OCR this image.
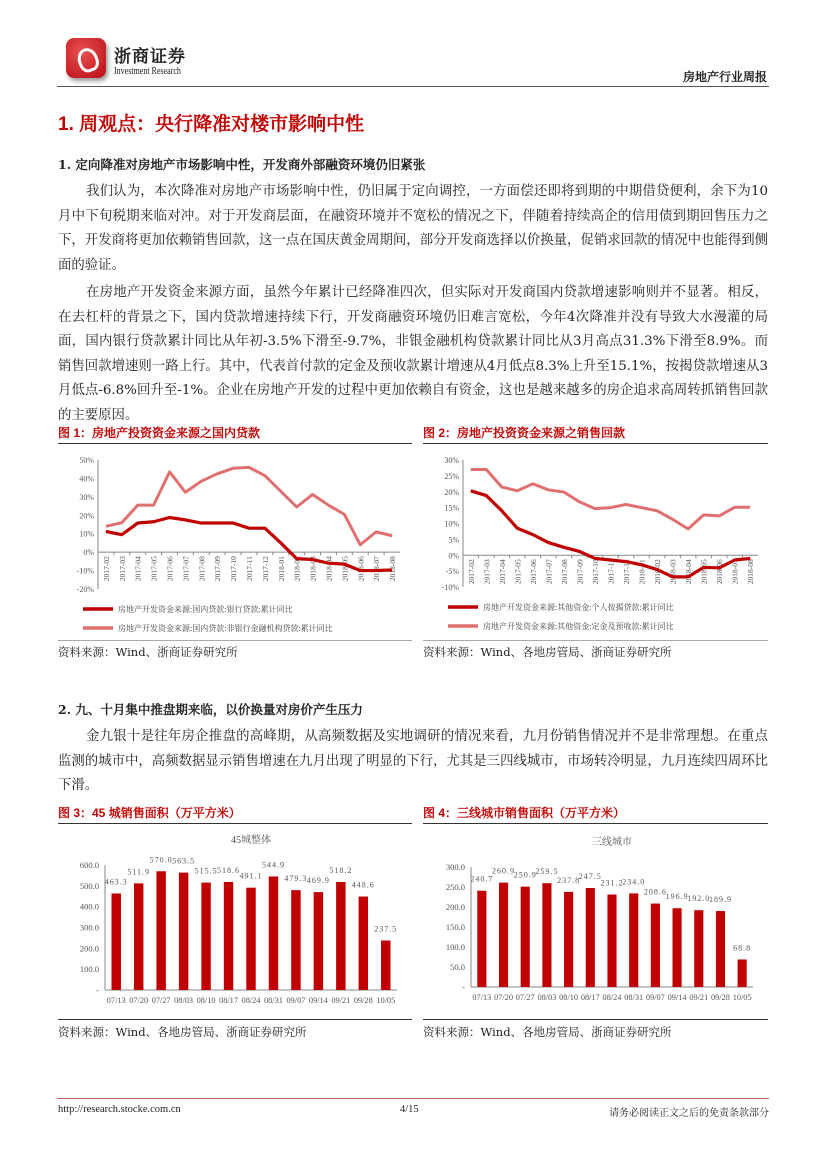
浙商证券
Investment Research	房地产行业周报
1. 周观点：央行降准对楼市影响中性
1. 定向降准对房地产市场影响中性，开发商外部融资环境仍旧紧张
我们认为，本次降准对房地产市场影响中性，仍旧属于定向调控，一方面偿还即将到期的中期借贷便利，余下为10月中下旬税期来临对冲。对于开发商层面，在融资环境并不宽松的情况之下，伴随着持续高企的信用债到期回售压力之下，开发商将更加依赖销售回款，这一点在国庆黄金周期间，部分开发商选择以价换量，促销求回款的情况中也能得到侧面的验证。
在房地产开发资金来源方面，虽然今年累计已经降准四次，但实际对开发商国内贷款增速影响则并不显著。相反，在去杠杆的背景之下，国内贷款增速持续下行，开发商融资环境仍旧难言宽松，今年4次降准并没有导致大水漫灌的局面，国内银行贷款累计同比从年初-3.5%下滑至-9.7%，非银金融机构贷款累计同比从3月高点31.3%下滑至8.9%。而销售回款增速则一路上行。其中，代表首付款的定金及预收款累计增速从4月低点8.3%上升至15.1%，按揭贷款增速从3月低点-6.8%回升至-1%。企业在房地产开发的过程中更加依赖自有资金，这也是越来越多的房企追求高周转抓销售回款的主要原因。
图 1：房地产投资资金来源之国内贷款	图 2：房地产投资资金来源之销售回款
-20%
-10%
0%
10%
20%
30%
40%
50%
2017-02 2017-03 2017-04 2017-05 2017-06 2017-07 2017-08 2017-09 2017-10 2017-11 2017-12 2018-01 2018-02 2018-03 2018-04 2018-05 2018-06 2018-07 2018-08
房地产开发资金来源:国内贷款:银行贷款:累计同比
房地产开发资金来源:国内贷款:非银行金融机构贷款:累计同比
-10%
-5%
0%
5%
10%
15%
20%
25%
30%
2017-02 2017-03 2017-04 2017-05 2017-06 2017-07 2017-08 2017-09 2017-10 2017-11 2017-12 2018-01 2018-02 2018-03 2018-04 2018-05 2018-06 2018-07 2018-08
房地产开发资金来源:其他资金:个人按揭贷款:累计同比
房地产开发资金来源:其他资金:定金及预收款:累计同比
资料来源：Wind、浙商证券研究所	资料来源：Wind、各地房管局、浙商证券研究所
2. 九、十月集中推盘期来临，以价换量对房价产生压力
金九银十是往年房企推盘的高峰期，从高频数据及实地调研的情况来看，九月份销售情况并不是非常理想。在重点监测的城市中，高频数据显示销售增速在九月出现了明显的下行，尤其是三四线城市，市场转冷明显，九月连续四周环比下滑。
图 3：45 城销售面积（万平方米）	图 4：三线城市销售面积（万平方米）
45城整体
-
100.0
200.0
300.0
400.0
500.0
600.0
463.3
07/13
511.9
07/20
570.0
07/27
563.5
08/03
515.5
08/10
518.6
08/17
491.1
08/24
544.9
08/31
479.3
09/07
469.9
09/14
518.2
09/21
448.6
09/28
237.5
10/05
三线城市
-
50.0
100.0
150.0
200.0
250.0
300.0
240.7
07/13
260.9
07/20
250.9
07/27
259.5
08/03
237.8
08/10
247.5
08/17
231.2
08/24
234.0
08/31
208.6
09/07
196.9
09/14
192.0
09/21
189.9
09/28
68.8
10/05
资料来源：Wind、各地房管局、浙商证券研究所	资料来源：Wind、各地房管局、浙商证券研究所
http://research.stocke.com.cn	4/15	请务必阅读正文之后的免责条款部分
